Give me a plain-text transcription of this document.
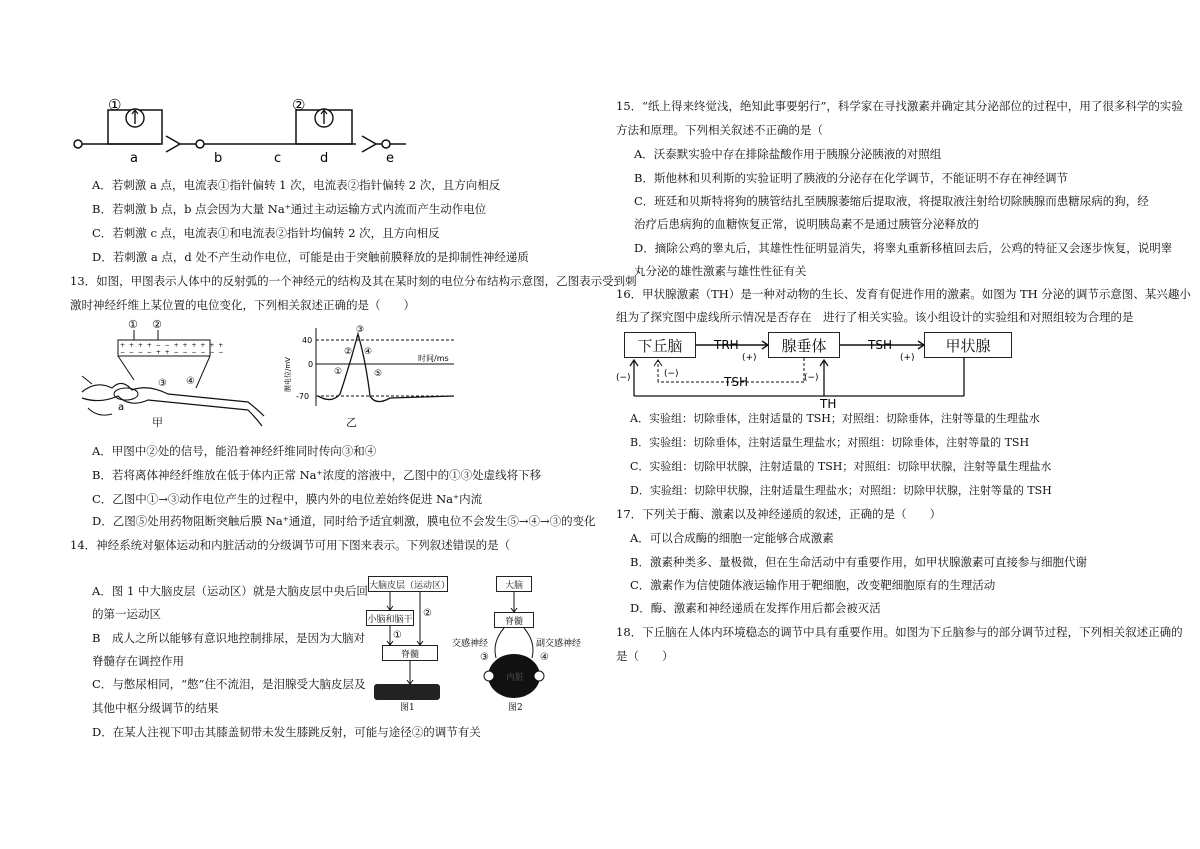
①	②
a	b	c	d	e
A．若刺激 a 点，电流表①指针偏转 1 次，电流表②指针偏转 2 次，且方向相反
B．若刺激 b 点，b 点会因为大量 Na⁺通过主动运输方式内流而产生动作电位
C．若刺激 c 点，电流表①和电流表②指针均偏转 2 次，且方向相反
D．若刺激 a 点，d 处不产生动作电位，可能是由于突触前膜释放的是抑制性神经递质
13．如图，甲图表示人体中的反射弧的一个神经元的结构及其在某时刻的电位分布结构示意图，乙图表示受到刺
激时神经纤维上某位置的电位变化，下列相关叙述正确的是（　　）
① ②
+ + + + − − + + + + + +
− − − − + + − − − − − −
a
③ ④
甲
40
0
-70
时间/ms
膜电位/mV
③
② ④
①	⑤
乙
A．甲图中②处的信号，能沿着神经纤维同时传向③和④
B．若将离体神经纤维放在低于体内正常 Na⁺浓度的溶液中，乙图中的①③处虚线将下移
C．乙图中①→③动作电位产生的过程中，膜内外的电位差始终促进 Na⁺内流
D．乙图⑤处用药物阻断突触后膜 Na⁺通道，同时给予适宜刺激，膜电位不会发生⑤→④→③的变化
14．神经系统对躯体运动和内脏活动的分级调节可用下图来表示。下列叙述错误的是（
A．图 1 中大脑皮层（运动区）就是大脑皮层中央后回
的第一运动区
B　成人之所以能够有意识地控制排尿，是因为大脑对
脊髓存在调控作用
C．与憋尿相同，“憋”住不流泪，是泪腺受大脑皮层及
其他中枢分级调节的结果
D．在某人注视下叩击其膝盖韧带未发生膝跳反射，可能与途径②的调节有关
大脑皮层（运动区）
小脑和脑干
脊髓
骨骼肌等效应器
①
②
图1
大脑
脊髓
内脏
交感神经	副交感神经
③	④
图2
15．“纸上得来终觉浅，绝知此事要躬行”，科学家在寻找激素并确定其分泌部位的过程中，用了很多科学的实验
方法和原理。下列相关叙述不正确的是（
A．沃泰默实验中存在排除盐酸作用于胰腺分泌胰液的对照组
B．斯他林和贝利斯的实验证明了胰液的分泌存在化学调节，不能证明不存在神经调节
C．班廷和贝斯特将狗的胰管结扎至胰腺萎缩后提取液，将提取液注射给切除胰腺而患糖尿病的狗，经
治疗后患病狗的血糖恢复正常，说明胰岛素不是通过胰管分泌释放的
D．摘除公鸡的睾丸后，其雄性性征明显消失，将睾丸重新移植回去后，公鸡的特征又会逐步恢复，说明睾
丸分泌的雄性激素与雄性性征有关
16．甲状腺激素（TH）是一种对动物的生长、发育有促进作用的激素。如图为 TH 分泌的调节示意图、某兴趣小
组为了探究图中虚线所示情况是否存在　进行了相关实验。该小组设计的实验组和对照组较为合理的是
下丘脑	腺垂体	甲状腺
TRH
(+)
TSH
(+)
TH
(−)	(−)
TSH
(−)
A．实验组：切除垂体，注射适量的 TSH；对照组：切除垂体，注射等量的生理盐水
B．实验组：切除垂体，注射适量生理盐水；对照组：切除垂体，注射等量的 TSH
C．实验组：切除甲状腺，注射适量的 TSH；对照组：切除甲状腺，注射等量生理盐水
D．实验组：切除甲状腺，注射适量生理盐水；对照组：切除甲状腺，注射等量的 TSH
17．下列关于酶、激素以及神经递质的叙述，正确的是（　　）
A．可以合成酶的细胞一定能够合成激素
B．激素种类多、量极微，但在生命活动中有重要作用，如甲状腺激素可直接参与细胞代谢
C．激素作为信使随体液运输作用于靶细胞，改变靶细胞原有的生理活动
D．酶、激素和神经递质在发挥作用后都会被灭活
18．下丘脑在人体内环境稳态的调节中具有重要作用。如图为下丘脑参与的部分调节过程，下列相关叙述正确的
是（　　）
